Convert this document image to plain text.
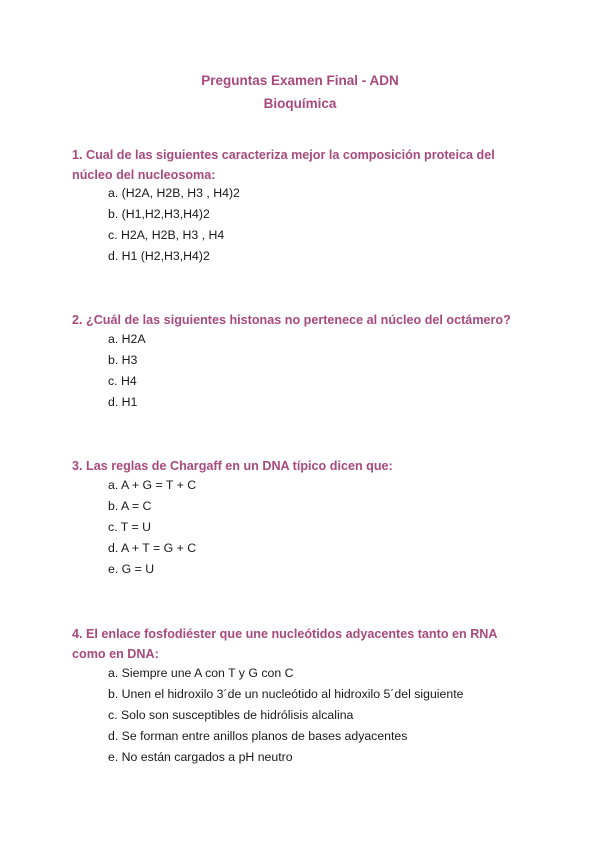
Preguntas Examen Final - ADN
Bioquímica
1. Cual de las siguientes caracteriza mejor la composición proteica del núcleo del nucleosoma:
a. (H2A, H2B, H3 , H4)2
b. (H1,H2,H3,H4)2
c. H2A, H2B, H3 , H4
d. H1 (H2,H3,H4)2
2. ¿Cuál de las siguientes histonas no pertenece al núcleo del octámero?
a. H2A
b. H3
c. H4
d. H1
3. Las reglas de Chargaff en un DNA típico dicen que:
a. A + G = T + C
b. A = C
c. T = U
d. A + T = G + C
e. G = U
4. El enlace fosfodiéster que une nucleótidos adyacentes tanto en RNA como en DNA:
a. Siempre une A con T y G con C
b. Unen el hidroxilo 3´de un nucleótido al hidroxilo 5´del siguiente
c. Solo son susceptibles de hidrólisis alcalina
d. Se forman entre anillos planos de bases adyacentes
e. No están cargados a pH neutro
